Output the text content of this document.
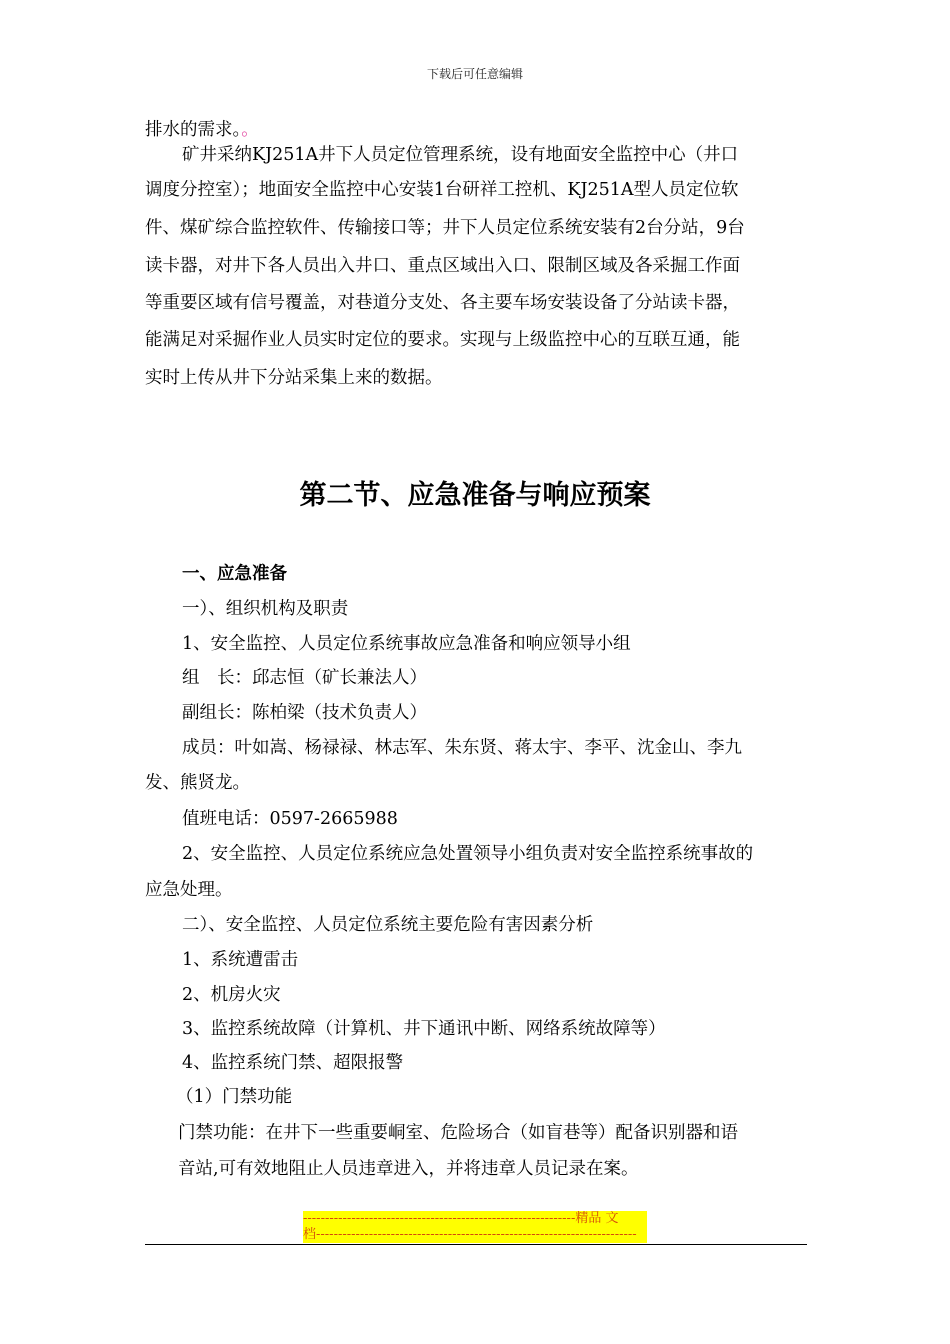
下载后可任意编辑
排水的需求。。
矿井采纳KJ251A井下人员定位管理系统，设有地面安全监控中心（井口
调度分控室）；地面安全监控中心安装1台研祥工控机、KJ251A型人员定位软
件、煤矿综合监控软件、传输接口等；井下人员定位系统安装有2台分站，9台
读卡器，对井下各人员出入井口、重点区域出入口、限制区域及各采掘工作面
等重要区域有信号覆盖，对巷道分支处、各主要车场安装设备了分站读卡器，
能满足对采掘作业人员实时定位的要求。实现与上级监控中心的互联互通，能
实时上传从井下分站采集上来的数据。
第二节、应急准备与响应预案
一、应急准备
一）、组织机构及职责
1、安全监控、人员定位系统事故应急准备和响应领导小组
组　长：邱志恒（矿长兼法人）
副组长：陈柏梁（技术负责人）
成员：叶如嵩、杨禄禄、林志军、朱东贤、蒋太宇、李平、沈金山、李九
发、熊贤龙。
值班电话：0597-2665988
2、安全监控、人员定位系统应急处置领导小组负责对安全监控系统事故的
应急处理。
二）、安全监控、人员定位系统主要危险有害因素分析
1、系统遭雷击
2、机房火灾
3、监控系统故障（计算机、井下通讯中断、网络系统故障等）
4、监控系统门禁、超限报警
（1）门禁功能
门禁功能：在井下一些重要峒室、危险场合（如盲巷等）配备识别器和语
音站,可有效地阻止人员违章进入，并将违章人员记录在案。
--------------------------------------------------------------精品 文
档-------------------------------------------------------------------------
